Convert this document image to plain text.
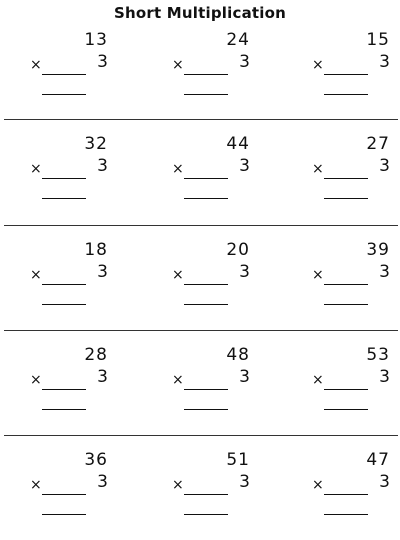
Short Multiplication
13
×	3
24
×	3
15
×	3
32
×	3
44
×	3
27
×	3
18
×	3
20
×	3
39
×	3
28
×	3
48
×	3
53
×	3
36
×	3
51
×	3
47
×	3
